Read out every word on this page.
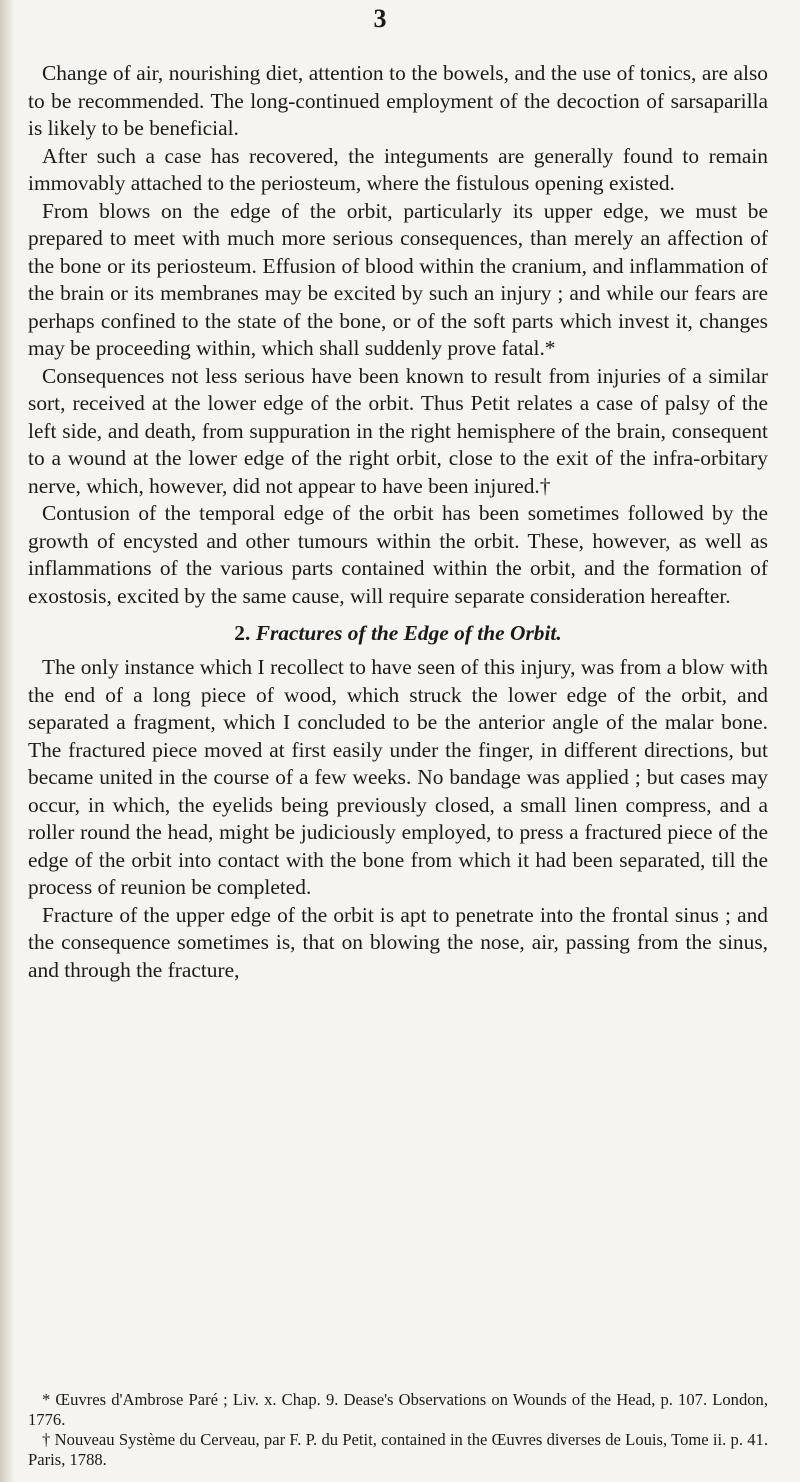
3

Change of air, nourishing diet, attention to the bowels, and the use of tonics, are also to be recommended. The long-continued employment of the decoction of sarsaparilla is likely to be beneficial.

After such a case has recovered, the integuments are generally found to remain immovably attached to the periosteum, where the fistulous opening existed.

From blows on the edge of the orbit, particularly its upper edge, we must be prepared to meet with much more serious consequences, than merely an affection of the bone or its periosteum. Effusion of blood within the cranium, and inflammation of the brain or its membranes may be excited by such an injury ; and while our fears are perhaps confined to the state of the bone, or of the soft parts which invest it, changes may be proceeding within, which shall suddenly prove fatal.*

Consequences not less serious have been known to result from injuries of a similar sort, received at the lower edge of the orbit. Thus Petit relates a case of palsy of the left side, and death, from suppuration in the right hemisphere of the brain, consequent to a wound at the lower edge of the right orbit, close to the exit of the infra-orbitary nerve, which, however, did not appear to have been injured.†

Contusion of the temporal edge of the orbit has been sometimes followed by the growth of encysted and other tumours within the orbit. These, however, as well as inflammations of the various parts contained within the orbit, and the formation of exostosis, excited by the same cause, will require separate consideration hereafter.

2. Fractures of the Edge of the Orbit.

The only instance which I recollect to have seen of this injury, was from a blow with the end of a long piece of wood, which struck the lower edge of the orbit, and separated a fragment, which I concluded to be the anterior angle of the malar bone. The fractured piece moved at first easily under the finger, in different directions, but became united in the course of a few weeks. No bandage was applied ; but cases may occur, in which, the eyelids being previously closed, a small linen compress, and a roller round the head, might be judiciously employed, to press a fractured piece of the edge of the orbit into contact with the bone from which it had been separated, till the process of reunion be completed.

Fracture of the upper edge of the orbit is apt to penetrate into the frontal sinus ; and the consequence sometimes is, that on blowing the nose, air, passing from the sinus, and through the fracture,

* Œuvres d'Ambrose Paré ; Liv. x. Chap. 9. Dease's Observations on Wounds of the Head, p. 107. London, 1776.

† Nouveau Système du Cerveau, par F. P. du Petit, contained in the Œuvres diverses de Louis, Tome ii. p. 41. Paris, 1788.
